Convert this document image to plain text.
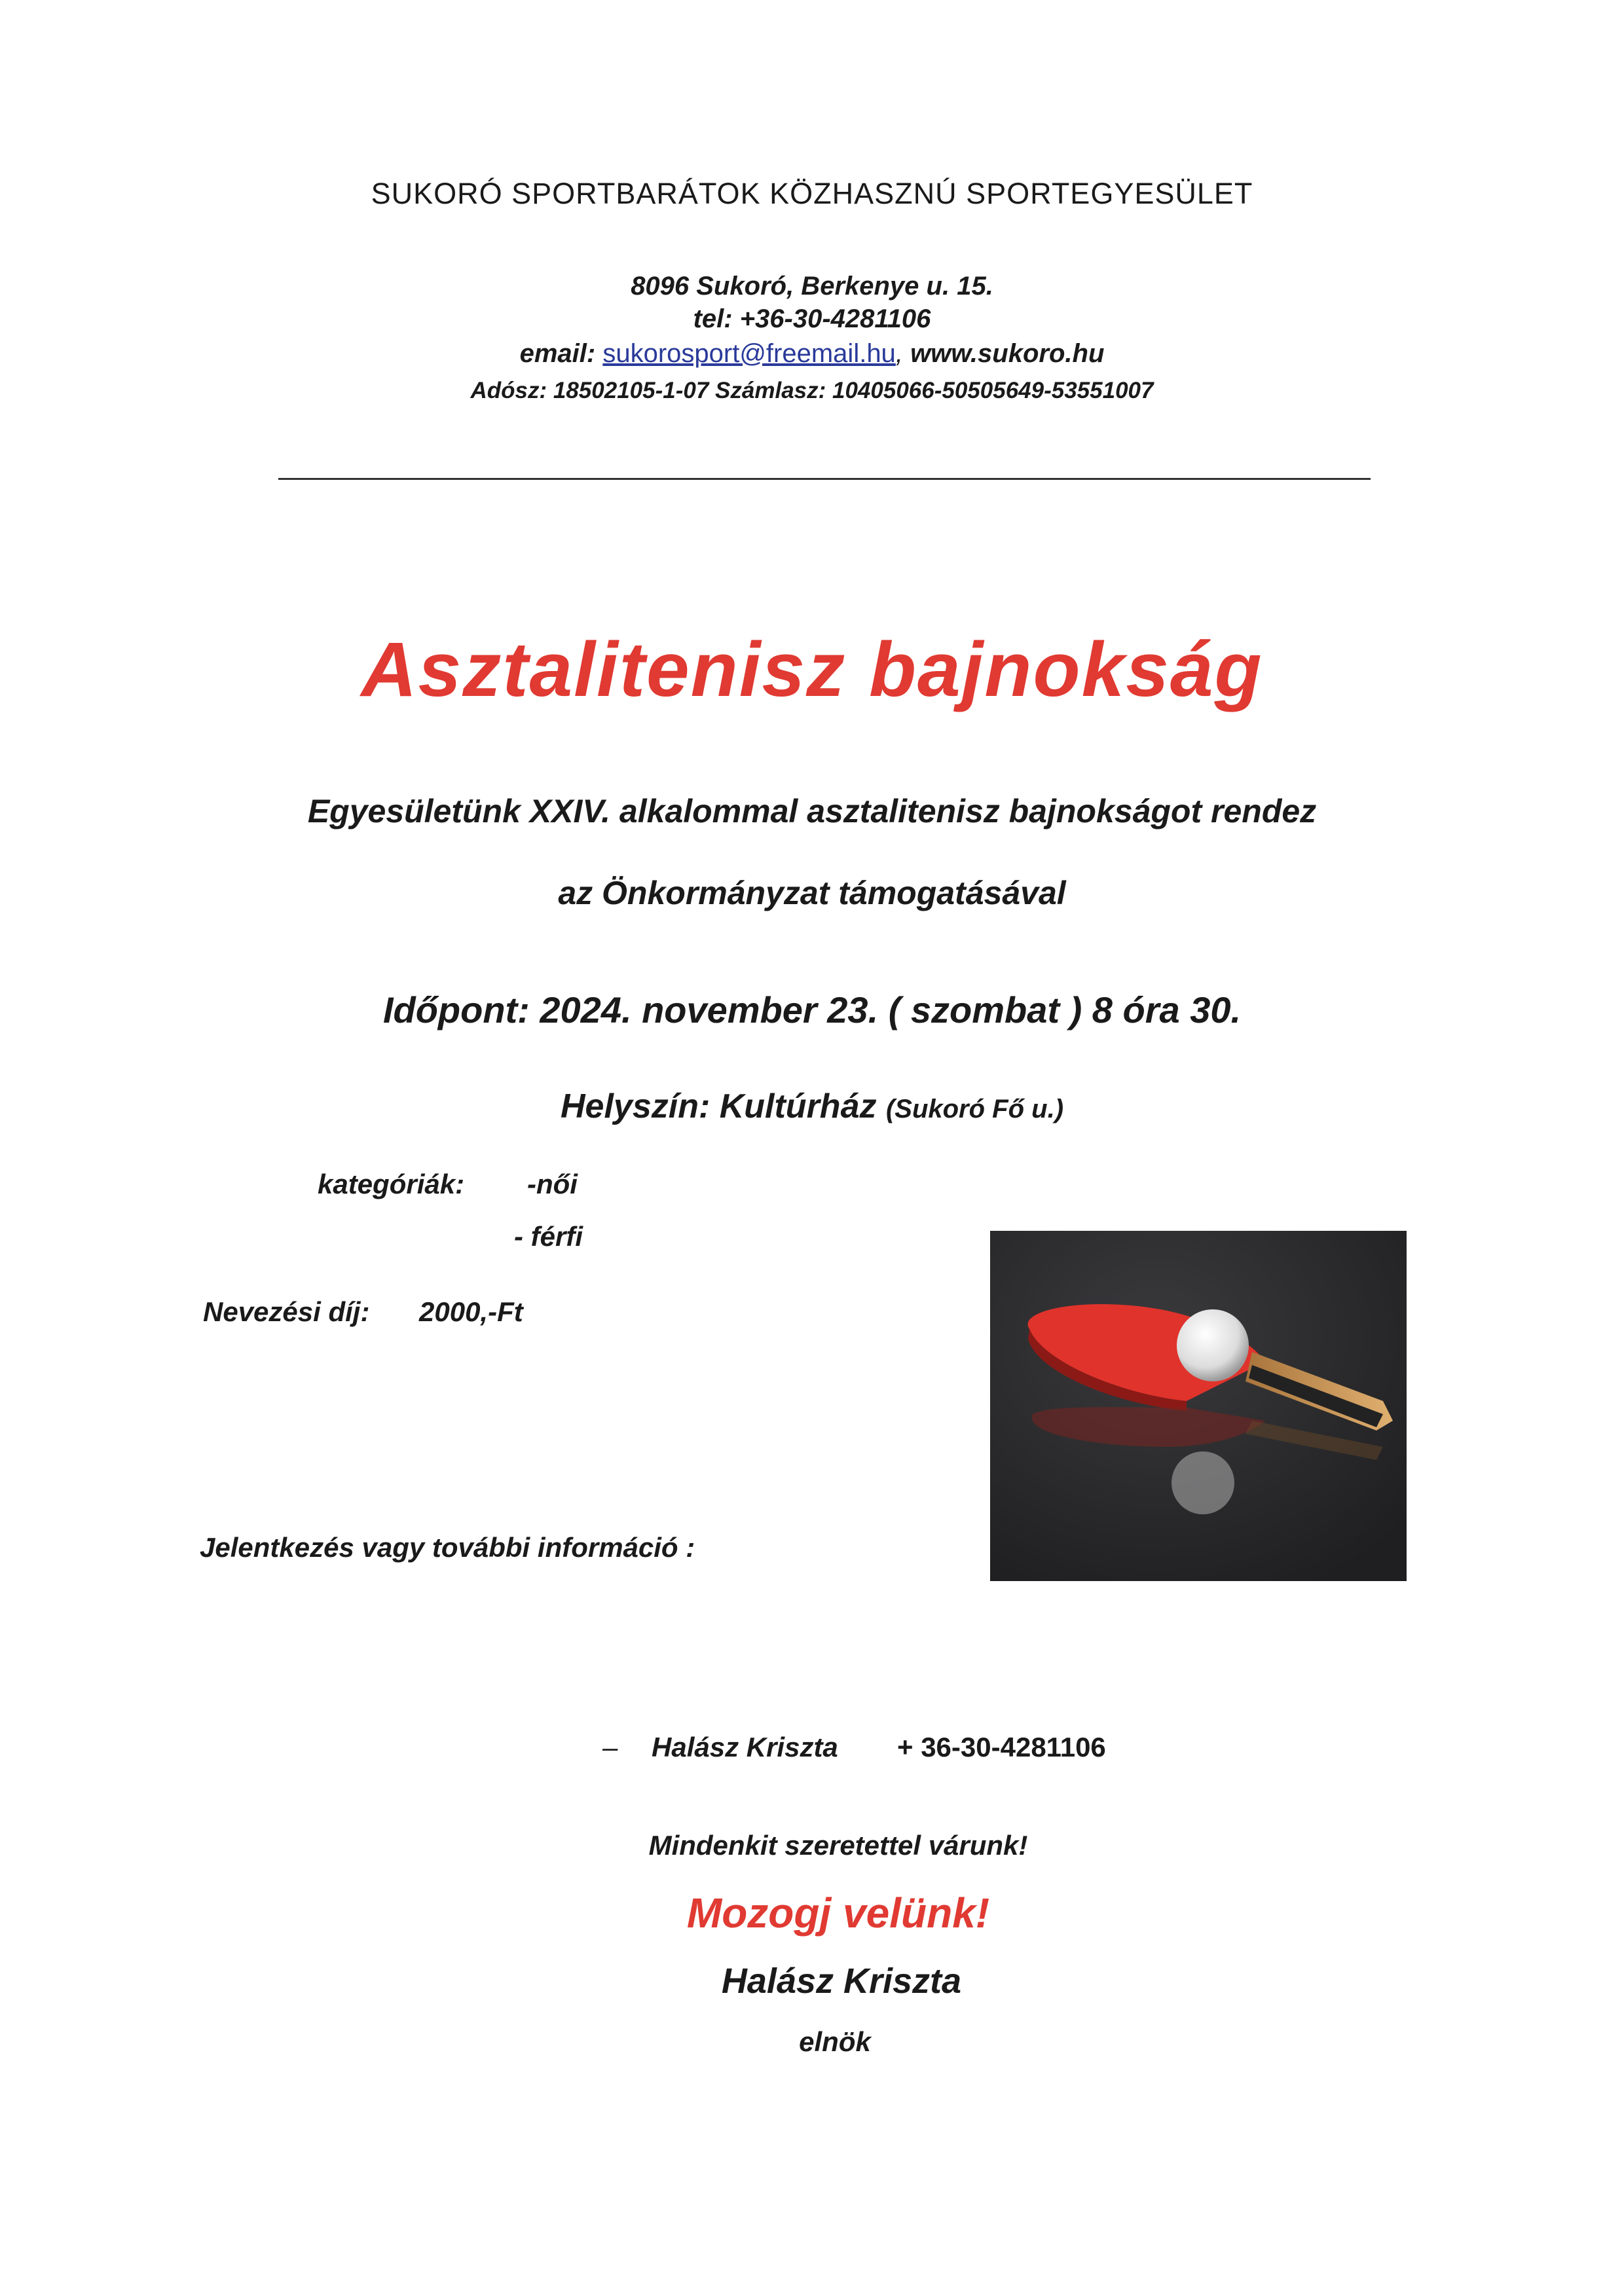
SUKORÓ SPORTBARÁTOK KÖZHASZNÚ SPORTEGYESÜLET
8096 Sukoró, Berkenye u. 15.
tel: +36-30-4281106
email: sukorosport@freemail.hu, www.sukoro.hu
Adósz: 18502105-1-07 Számlasz: 10405066-50505649-53551007
Asztalitenisz bajnokság
Egyesületünk XXIV. alkalommal asztalitenisz bajnokságot rendez
az Önkormányzat támogatásával
Időpont: 2024. november 23. ( szombat ) 8 óra 30.
Helyszín: Kultúrház (Sukoró Fő u.)
kategóriák: -női
- férfi
Nevezési díj: 2000,-Ft
Jelentkezés vagy további információ :
– Halász Kriszta + 36-30-4281106
Mindenkit szeretettel várunk!
Mozogj velünk!
Halász Kriszta
elnök
